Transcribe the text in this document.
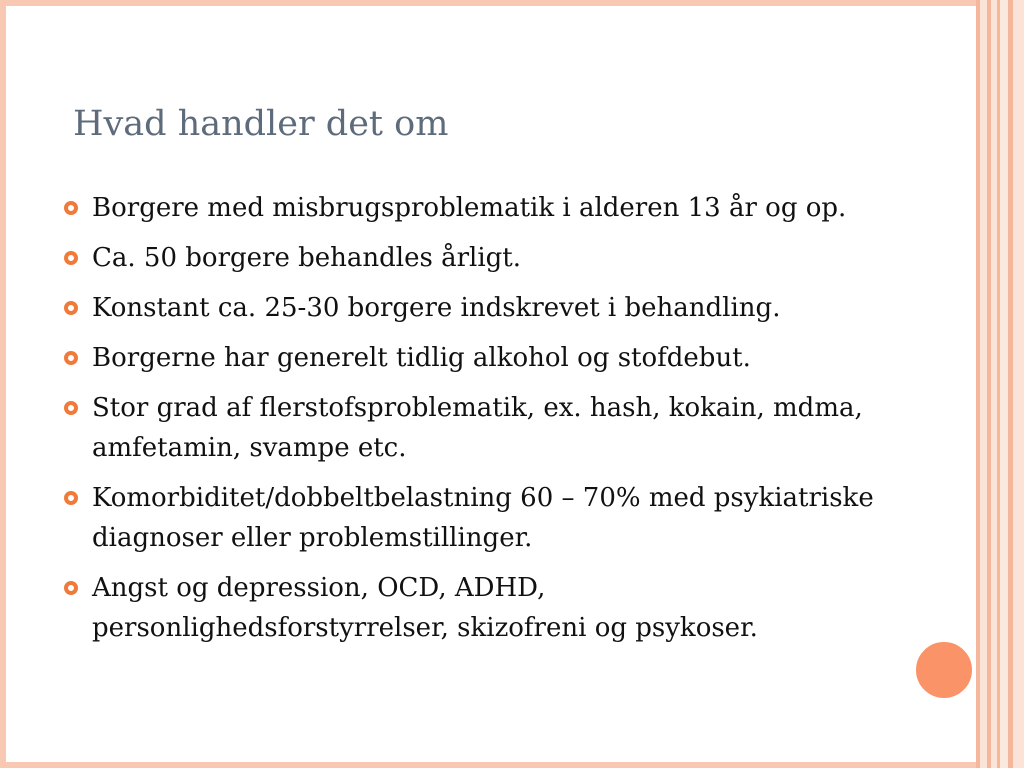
Hvad handler det om
Borgere med misbrugsproblematik i alderen 13 år og op.
Ca. 50 borgere behandles årligt.
Konstant ca. 25-30 borgere indskrevet i behandling.
Borgerne har generelt tidlig alkohol og stofdebut.
Stor grad af flerstofsproblematik, ex. hash, kokain, mdma, amfetamin, svampe etc.
Komorbiditet/dobbeltbelastning 60 – 70% med psykiatriske diagnoser eller problemstillinger.
Angst og depression, OCD, ADHD, personlighedsforstyrrelser, skizofreni og psykoser.
